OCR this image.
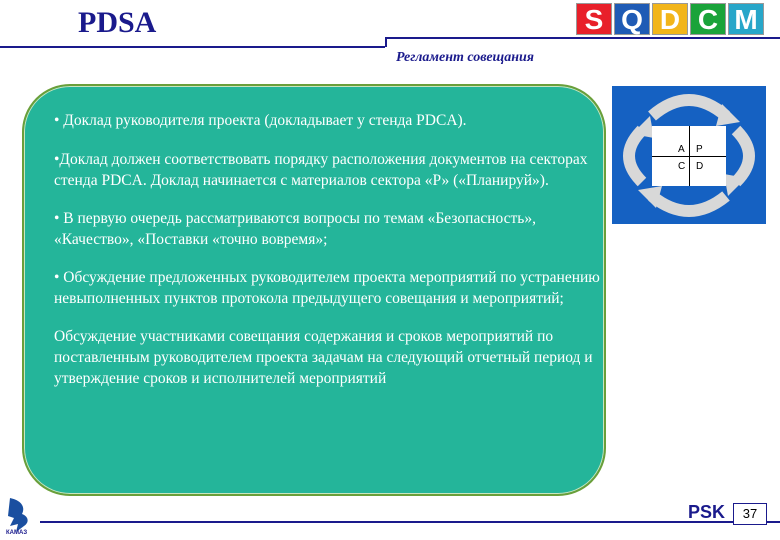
PDSA
Регламент совещания
S Q D C M

• Доклад руководителя проекта (докладывает у стенда PDCA).

•Доклад должен соответствовать порядку расположения документов на секторах стенда PDCA. Доклад начинается с материалов сектора «Р» («Планируй»).

• В первую очередь рассматриваются вопросы по темам «Безопасность», «Качество», «Поставки «точно вовремя»;

• Обсуждение предложенных руководителем проекта мероприятий по устранению невыполненных пунктов протокола предыдущего совещания и мероприятий;

Обсуждение участниками совещания содержания и сроков мероприятий по поставленным руководителем проекта задачам на следующий отчетный период и утверждение сроков и исполнителей мероприятий

A P
C D
КАМАЗ
PSK	37
